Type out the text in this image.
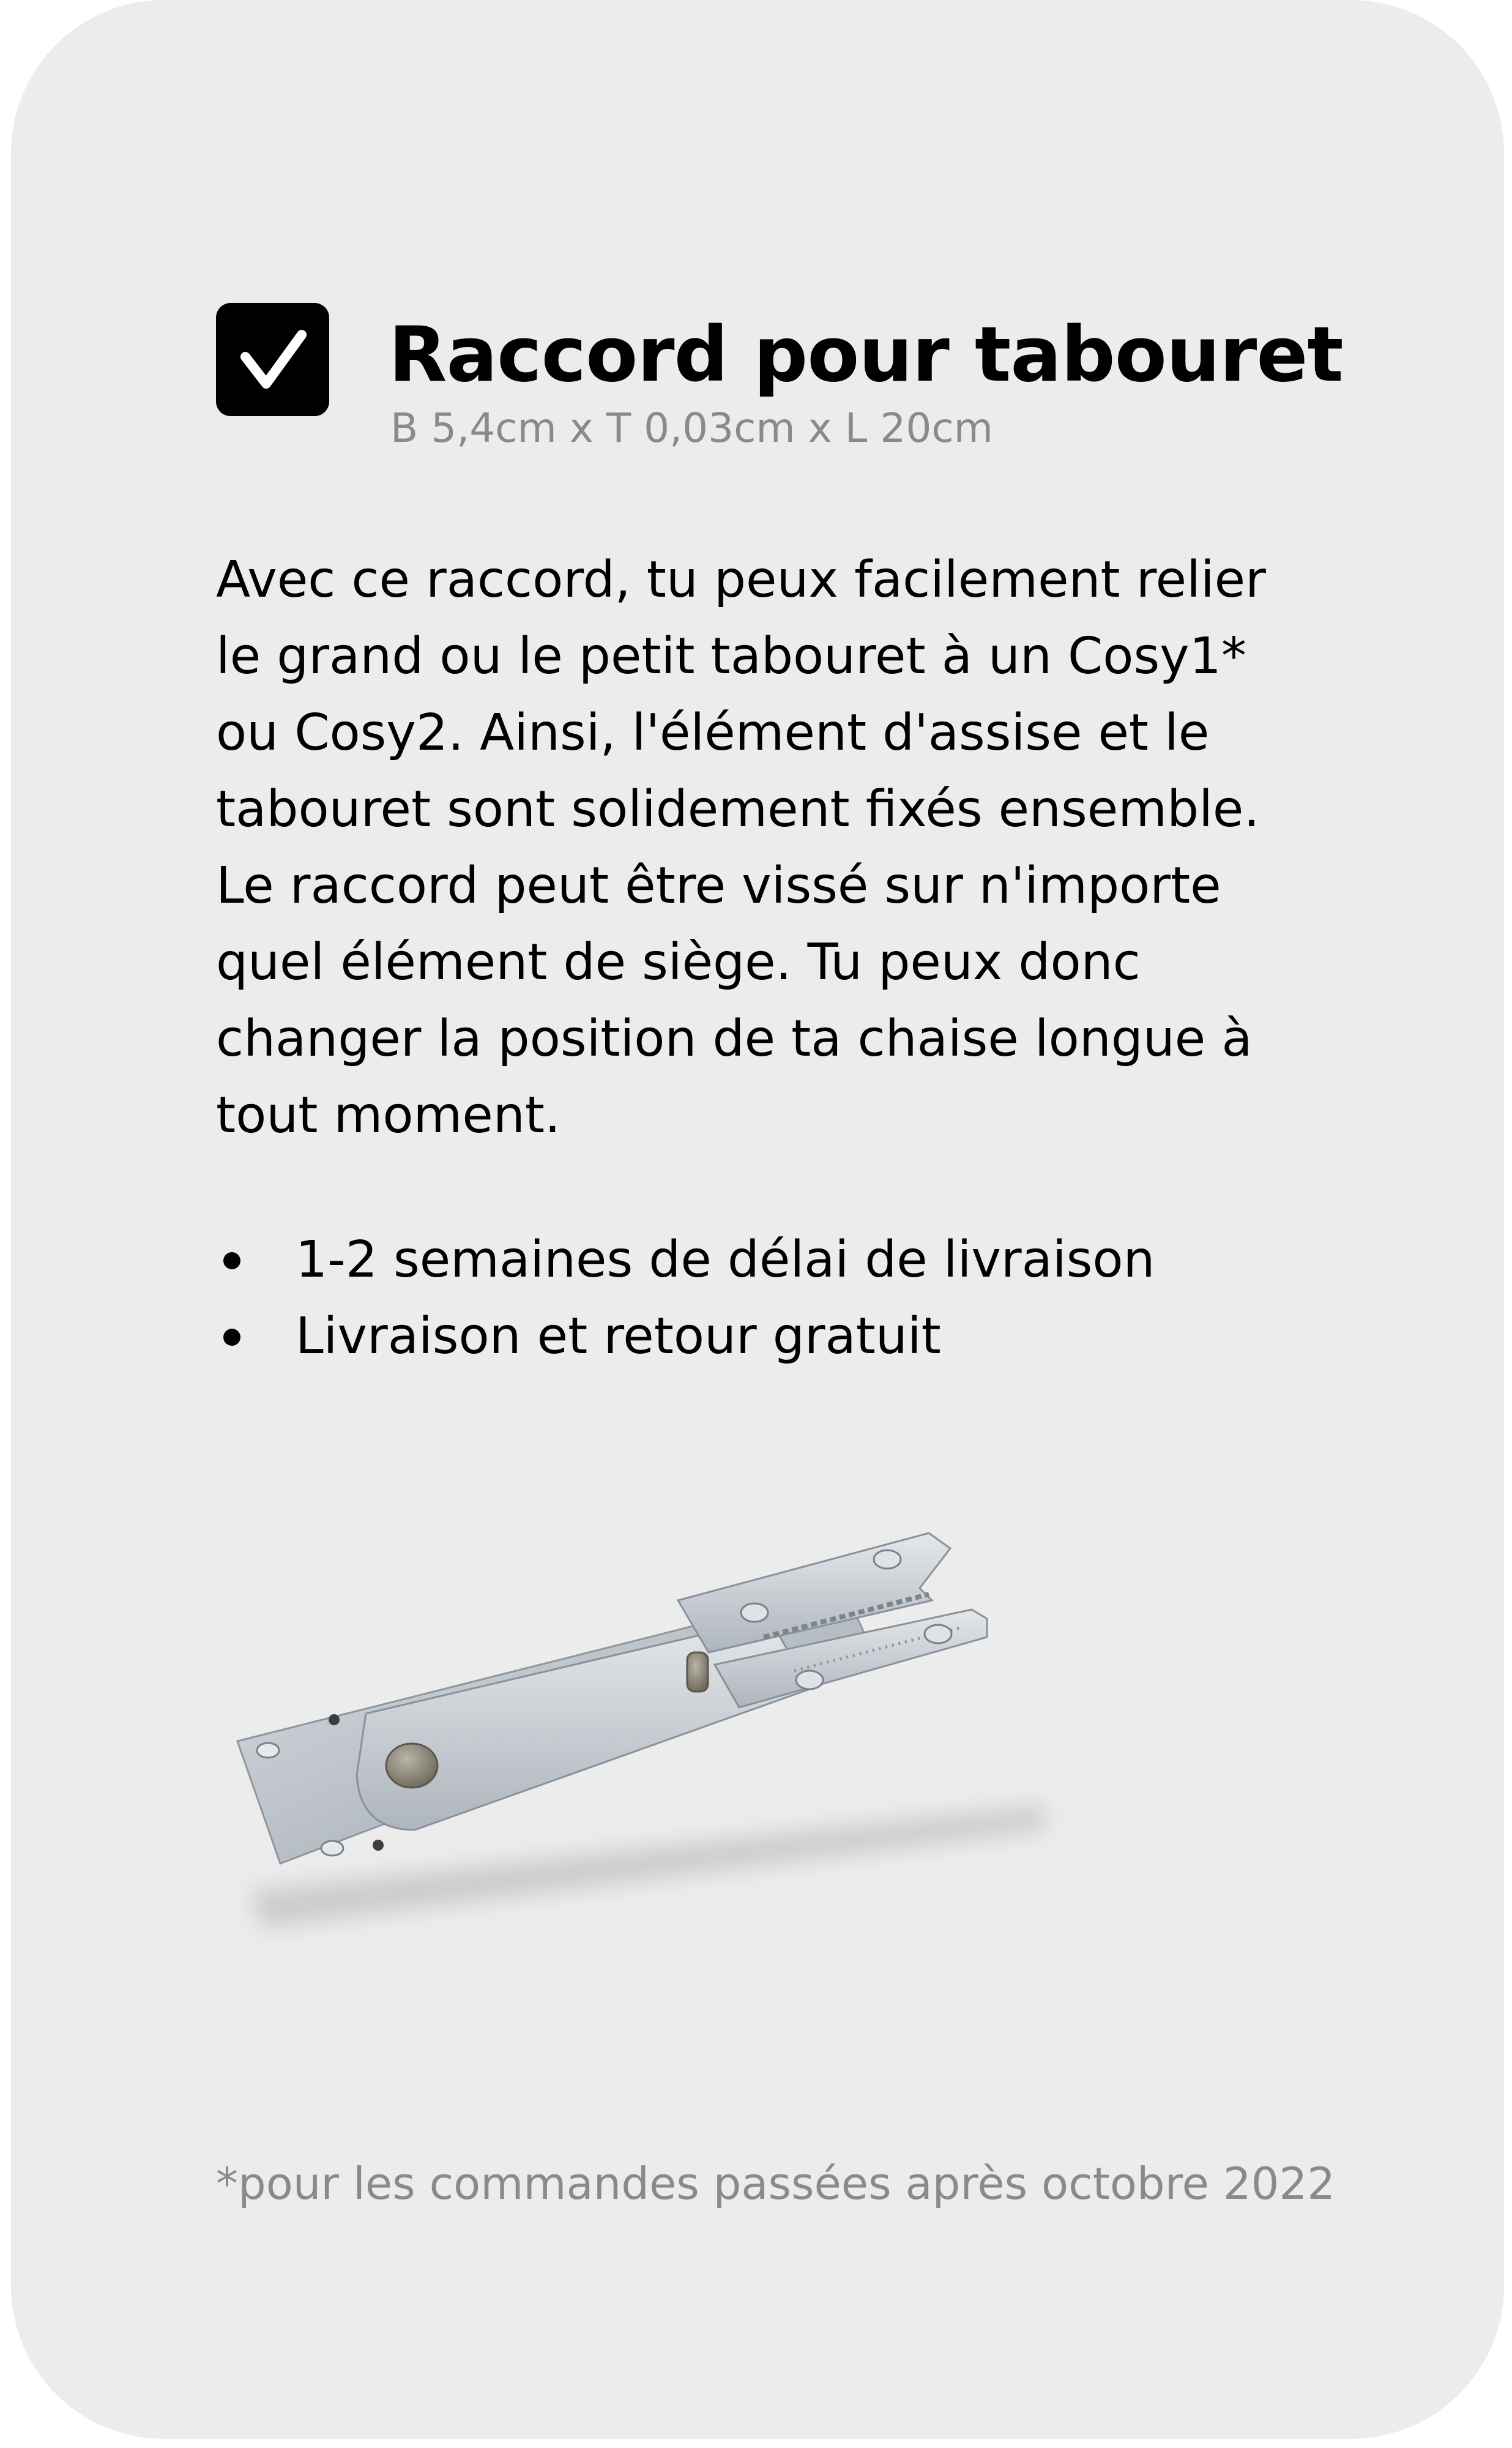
Raccord pour tabouret
B 5,4cm x T 0,03cm x L 20cm
Avec ce raccord, tu peux facilement relier
le grand ou le petit tabouret à un Cosy1*
ou Cosy2. Ainsi, l'élément d'assise et le
tabouret sont solidement fixés ensemble.
Le raccord peut être vissé sur n'importe
quel élément de siège. Tu peux donc
changer la position de ta chaise longue à
tout moment.
1-2 semaines de délai de livraison
Livraison et retour gratuit
*pour les commandes passées après octobre 2022
